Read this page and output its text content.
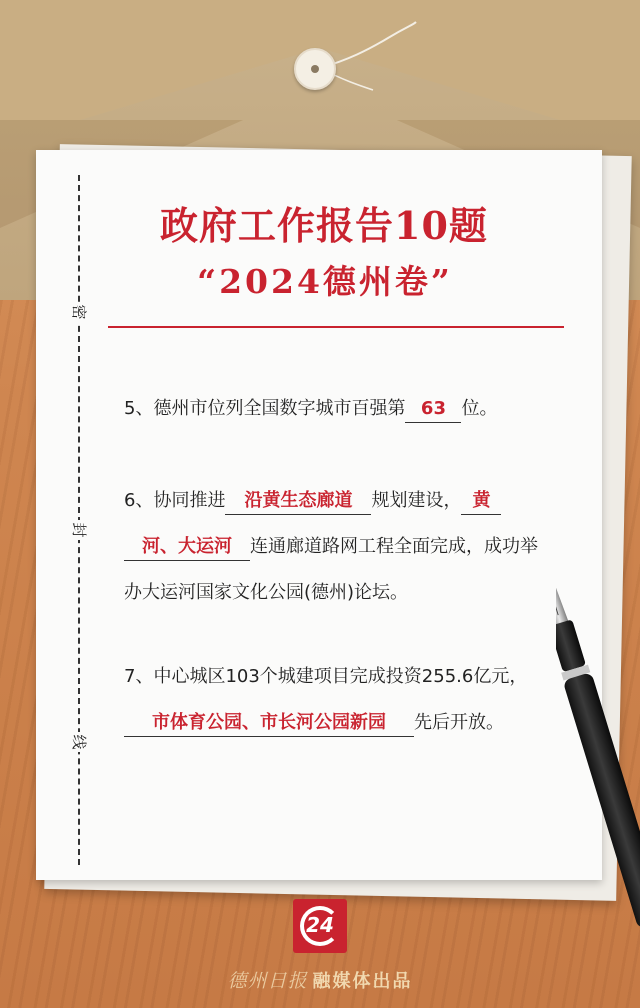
密
封
线
政府工作报告10题
“2024德州卷”
5、德州市位列全国数字城市百强第 63 位。
6、协同推进 沿黄生态廊道 规划建设， 黄
河、大运河 连通廊道路网工程全面完成，成功举办大运河国家文化公园(德州)论坛。
7、中心城区103个城建项目完成投资255.6亿元，市体育公园、市长河公园新园 先后开放。
24
德州日报 融媒体出品
